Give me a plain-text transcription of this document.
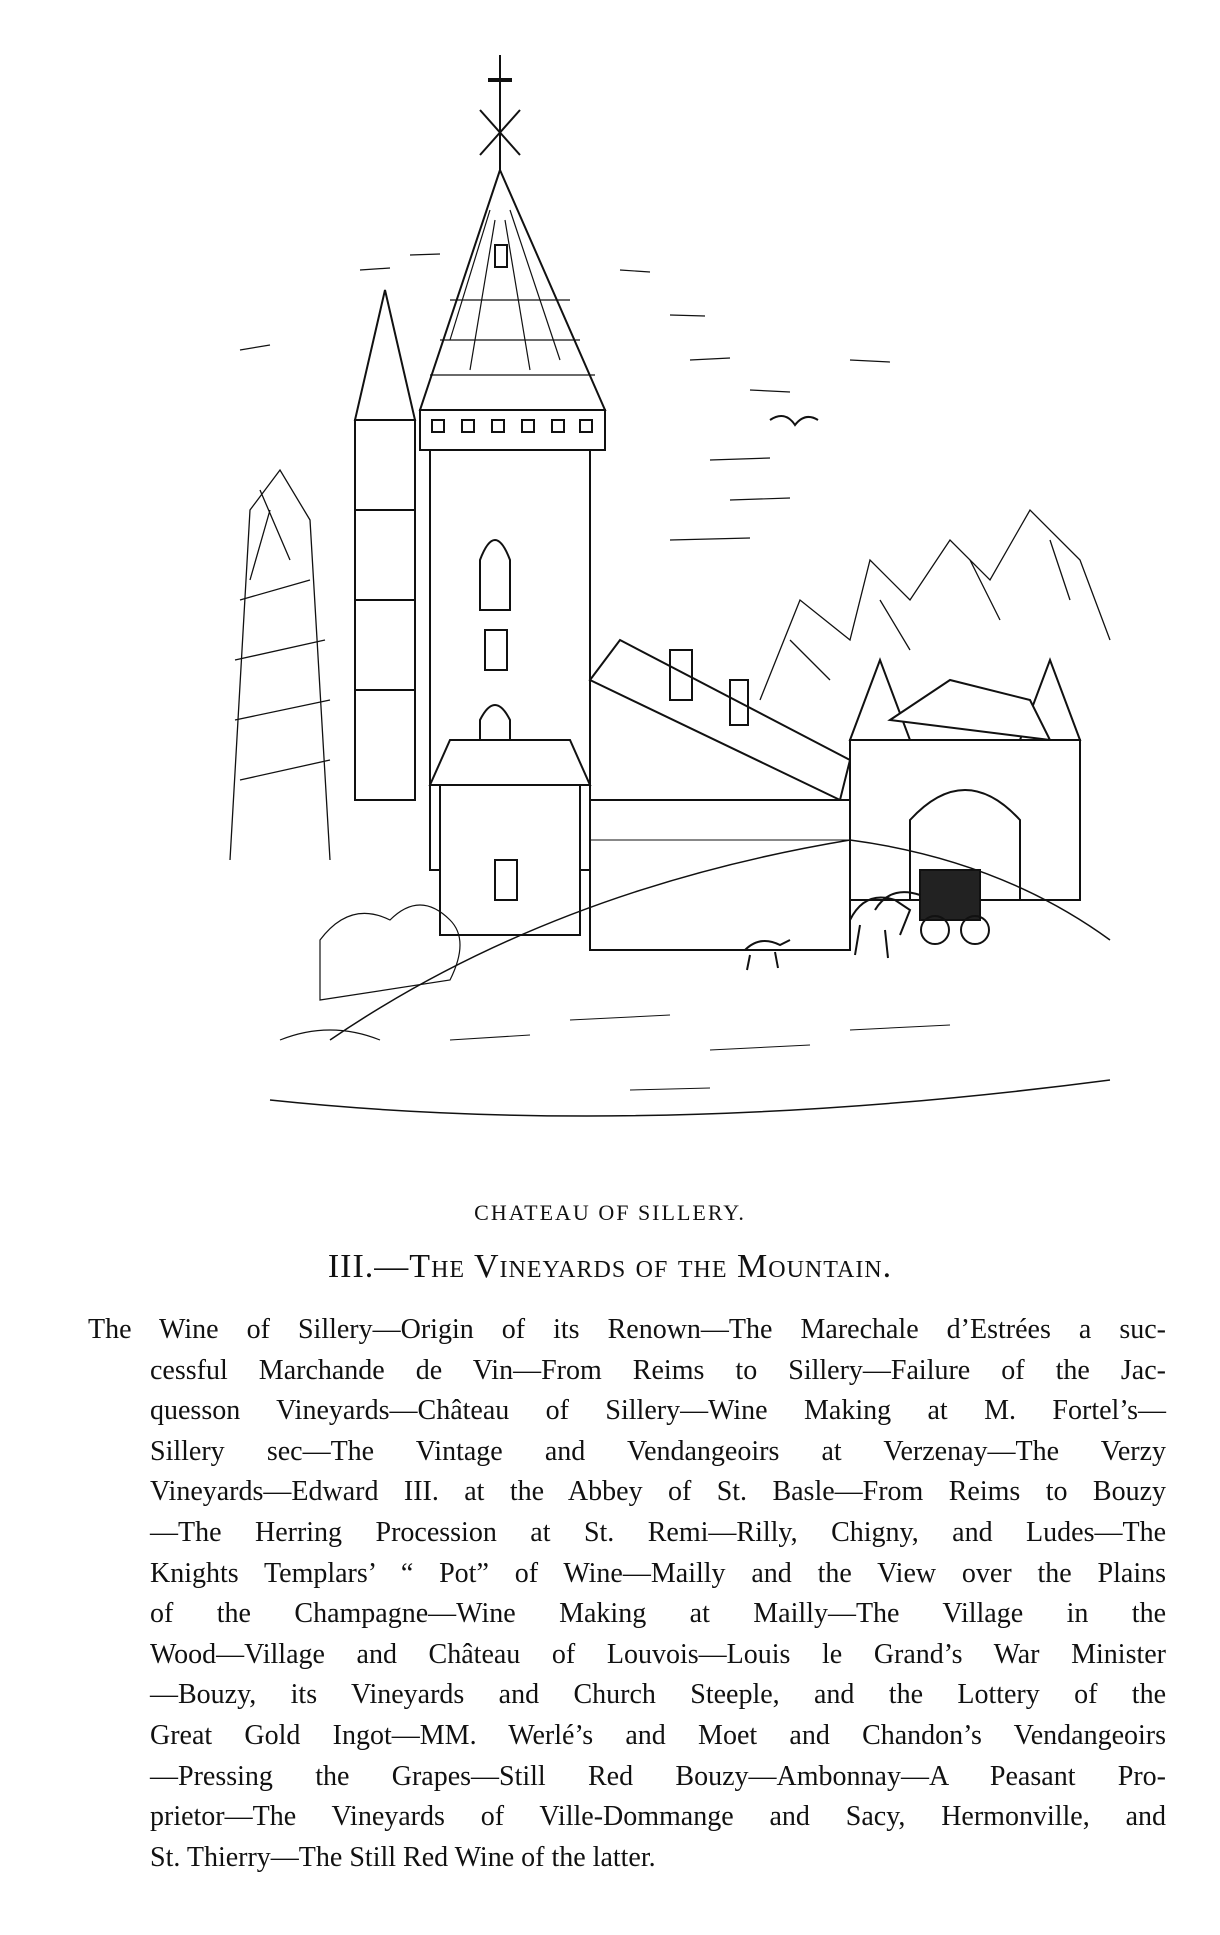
CHATEAU OF SILLERY.
III.—The Vineyards of the Mountain.
The Wine of Sillery—Origin of its Renown—The Marechale d’Estrées a suc-
cessful Marchande de Vin—From Reims to Sillery—Failure of the Jac-
quesson Vineyards—Château of Sillery—Wine Making at M. Fortel’s—
Sillery sec—The Vintage and Vendangeoirs at Verzenay—The Verzy
Vineyards—Edward III. at the Abbey of St. Basle—From Reims to Bouzy
—The Herring Procession at St. Remi—Rilly, Chigny, and Ludes—The
Knights Templars’ “ Pot” of Wine—Mailly and the View over the Plains
of the Champagne—Wine Making at Mailly—The Village in the
Wood—Village and Château of Louvois—Louis le Grand’s War Minister
—Bouzy, its Vineyards and Church Steeple, and the Lottery of the
Great Gold Ingot—MM. Werlé’s and Moet and Chandon’s Vendangeoirs
—Pressing the Grapes—Still Red Bouzy—Ambonnay—A Peasant Pro-
prietor—The Vineyards of Ville-Dommange and Sacy, Hermonville, and
St. Thierry—The Still Red Wine of the latter.
